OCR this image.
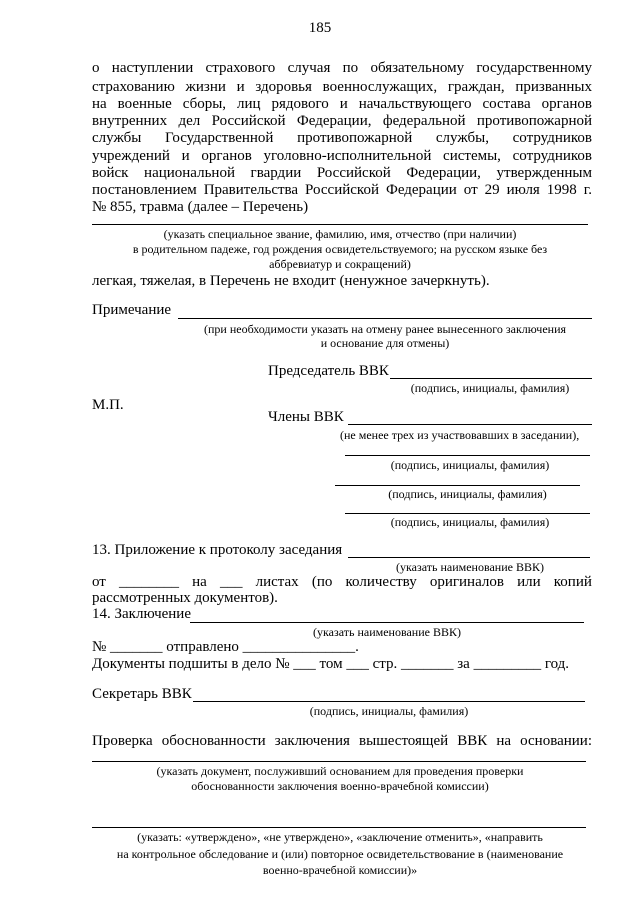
185
о наступлении страхового случая по обязательному государственному
страхованию жизни и здоровья военнослужащих, граждан, призванных
на военные сборы, лиц рядового и начальствующего состава органов
внутренних дел Российской Федерации, федеральной противопожарной
службы Государственной противопожарной службы, сотрудников
учреждений и органов уголовно-исполнительной системы, сотрудников
войск национальной гвардии Российской Федерации, утвержденным
постановлением Правительства Российской Федерации от 29 июля 1998 г.
№ 855, травма (далее – Перечень)
(указать специальное звание, фамилию, имя, отчество (при наличии)
в родительном падеже, год рождения освидетельствуемого; на русском языке без
аббревиатур и сокращений)
легкая, тяжелая, в Перечень не входит (ненужное зачеркнуть).
Примечание
(при необходимости указать на отмену ранее вынесенного заключения
и основание для отмены)
Председатель ВВК
(подпись, инициалы, фамилия)
М.П.
Члены ВВК
(не менее трех из участвовавших в заседании),
(подпись, инициалы, фамилия)
(подпись, инициалы, фамилия)
(подпись, инициалы, фамилия)
13. Приложение к протоколу заседания
(указать наименование ВВК)
от ________ на ___ листах (по количеству оригиналов или копий
рассмотренных документов).
14. Заключение
(указать наименование ВВК)
№ _______ отправлено _______________.
Документы подшиты в дело № ___ том ___ стр. _______ за _________ год.
Секретарь ВВК
(подпись, инициалы, фамилия)
Проверка обоснованности заключения вышестоящей ВВК на основании:
(указать документ, послуживший основанием для проведения проверки
обоснованности заключения военно-врачебной комиссии)
(указать: «утверждено», «не утверждено», «заключение отменить», «направить
на контрольное обследование и (или) повторное освидетельствование в (наименование
военно-врачебной комиссии)»
